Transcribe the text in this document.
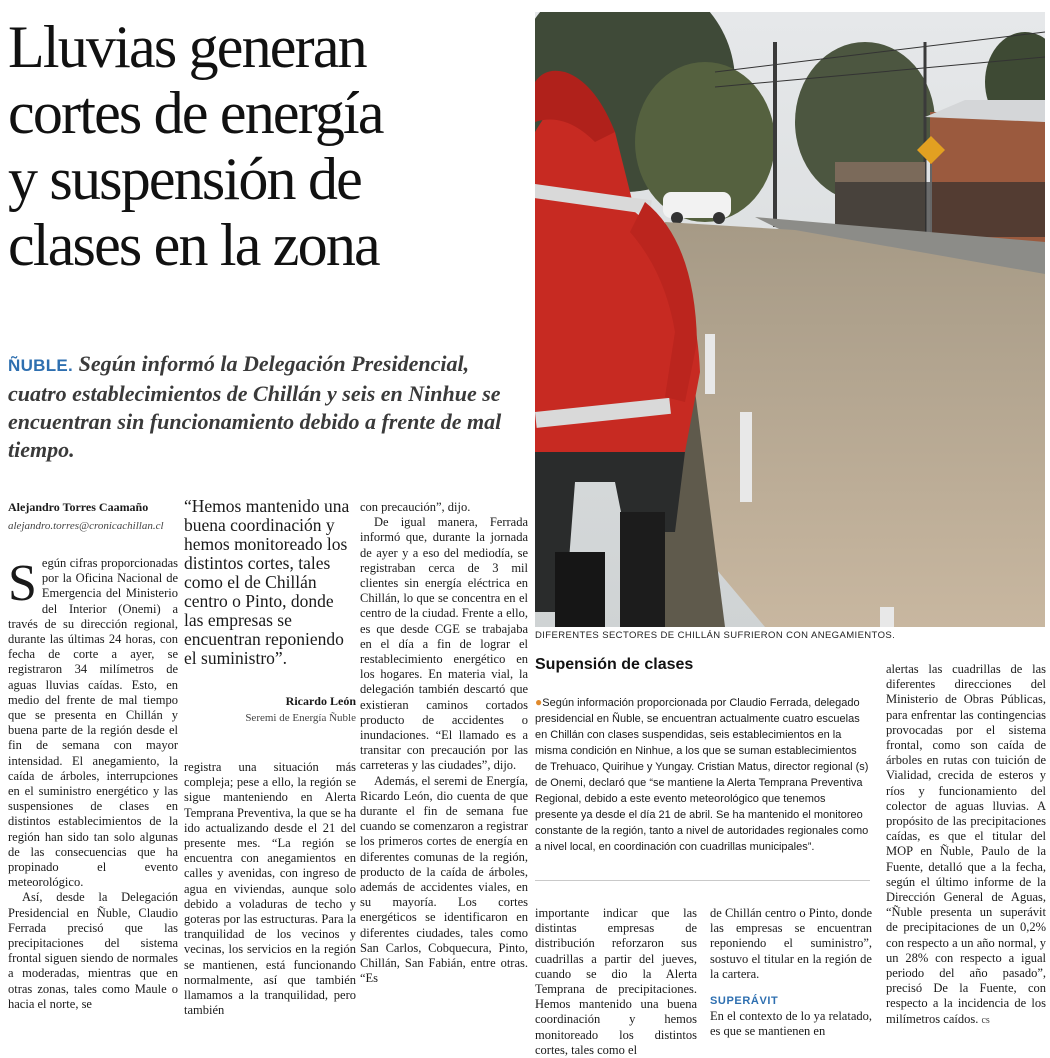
Lluvias generan
cortes de energía
y suspensión de
clases en la zona
ÑUBLE. Según informó la Delegación Presidencial, cuatro establecimientos de Chillán y seis en Ninhue se encuentran sin funcionamiento debido a frente de mal tiempo.
Alejandro Torres Caamaño
alejandro.torres@cronicachillan.cl

Según cifras proporcionadas por la Oficina Nacional de Emergencia del Ministerio del Interior (Onemi) a través de su dirección regional, durante las últimas 24 horas, con fecha de corte a ayer, se registraron 34 milímetros de aguas lluvias caídas. Esto, en medio del frente de mal tiempo que se presenta en Chillán y buena parte de la región desde el fin de semana con mayor intensidad. El anegamiento, la caída de árboles, interrupciones en el suministro energético y las suspensiones de clases en distintos establecimientos de la región han sido tan solo algunas de las consecuencias que ha propinado el evento meteorológico.

Así, desde la Delegación Presidencial en Ñuble, Claudio Ferrada precisó que las precipitaciones del sistema frontal siguen siendo de normales a moderadas, mientras que en otras zonas, tales como Maule o hacia el norte, se

“Hemos mantenido una buena coordinación y hemos monitoreado los distintos cortes, tales como el de Chillán centro o Pinto, donde las empresas se encuentran reponiendo el suministro”.
Ricardo León
Seremi de Energía Ñuble
registra una situación más compleja; pese a ello, la región se sigue manteniendo en Alerta Temprana Preventiva, la que se ha ido actualizando desde el 21 del presente mes. “La región se encuentra con anegamientos en calles y avenidas, con ingreso de agua en viviendas, aunque solo debido a voladuras de techo y goteras por las estructuras. Para la tranquilidad de los vecinos y vecinas, los servicios en la región se mantienen, está funcionando normalmente, así que también llamamos a la tranquilidad, pero también

con precaución”, dijo.

De igual manera, Ferrada informó que, durante la jornada de ayer y a eso del mediodía, se registraban cerca de 3 mil clientes sin energía eléctrica en Chillán, lo que se concentra en el centro de la ciudad. Frente a ello, es que desde CGE se trabajaba en el día a fin de lograr el restablecimiento energético en los hogares. En materia vial, la delegación también descartó que existieran caminos cortados producto de accidentes o inundaciones. “El llamado es a transitar con precaución por las carreteras y las ciudades”, dijo.

Además, el seremi de Energía, Ricardo León, dio cuenta de que durante el fin de semana fue cuando se comenzaron a registrar los primeros cortes de energía en diferentes comunas de la región, producto de la caída de árboles, además de accidentes viales, en su mayoría. Los cortes energéticos se identificaron en diferentes ciudades, tales como San Carlos, Cobquecura, Pinto, Chillán, San Fabián, entre otras. “Es

DIFERENTES SECTORES DE CHILLÁN SUFRIERON CON ANEGAMIENTOS.
Supensión de clases
●Según información proporcionada por Claudio Ferrada, delegado presidencial en Ñuble, se encuentran actualmente cuatro escuelas en Chillán con clases suspendidas, seis establecimientos en la misma condición en Ninhue, a los que se suman establecimientos de Trehuaco, Quirihue y Yungay. Cristian Matus, director regional (s) de Onemi, declaró que “se mantiene la Alerta Temprana Preventiva Regional, debido a este evento meteorológico que tenemos presente ya desde el día 21 de abril. Se ha mantenido el monitoreo constante de la región, tanto a nivel de autoridades regionales como a nivel local, en coordinación con cuadrillas municipales”.
importante indicar que las distintas empresas de distribución reforzaron sus cuadrillas a partir del jueves, cuando se dio la Alerta Temprana de precipitaciones. Hemos mantenido una buena coordinación y hemos monitoreado los distintos cortes, tales como el

de Chillán centro o Pinto, donde las empresas se encuentran reponiendo el suministro”, sostuvo el titular en la región de la cartera.

SUPERÁVIT

En el contexto de lo ya relatado, es que se mantienen en

alertas las cuadrillas de las diferentes direcciones del Ministerio de Obras Públicas, para enfrentar las contingencias provocadas por el sistema frontal, como son caída de árboles en rutas con tuición de Vialidad, crecida de esteros y ríos y funcionamiento del colector de aguas lluvias. A propósito de las precipitaciones caídas, es que el titular del MOP en Ñuble, Paulo de la Fuente, detalló que a la fecha, según el último informe de la Dirección General de Aguas, “Ñuble presenta un superávit de precipitaciones de un 0,2% con respecto a un año normal, y un 28% con respecto a igual periodo del año pasado”, precisó De la Fuente, con respecto a la incidencia de los milímetros caídos. cs
